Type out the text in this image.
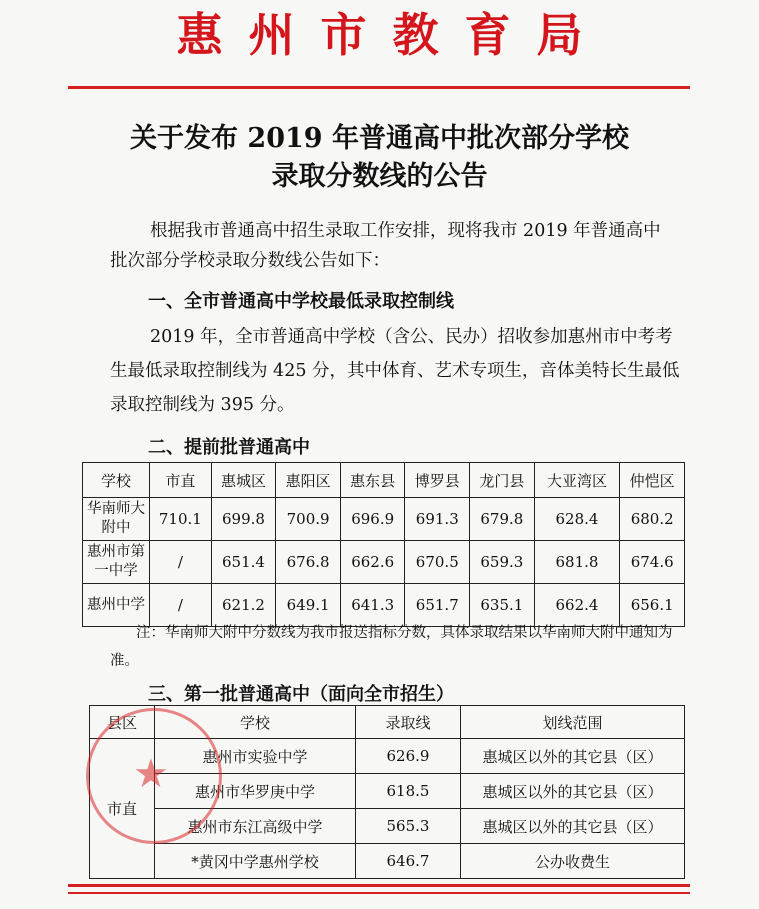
惠州市教育局
关于发布 2019 年普通高中批次部分学校
录取分数线的公告
根据我市普通高中招生录取工作安排，现将我市 2019 年普通高中批次部分学校录取分数线公告如下：
一、全市普通高中学校最低录取控制线
2019 年，全市普通高中学校（含公、民办）招收参加惠州市中考考生最低录取控制线为 425 分，其中体育、艺术专项生，音体美特长生最低录取控制线为 395 分。
二、提前批普通高中
学校	市直	惠城区	惠阳区	惠东县	博罗县	龙门县	大亚湾区	仲恺区
华南师大附中	710.1	699.8	700.9	696.9	691.3	679.8	628.4	680.2
惠州市第一中学	/	651.4	676.8	662.6	670.5	659.3	681.8	674.6
惠州中学	/	621.2	649.1	641.3	651.7	635.1	662.4	656.1
注：华南师大附中分数线为我市报送指标分数，具体录取结果以华南师大附中通知为准。
三、第一批普通高中（面向全市招生）
县区	学校	录取线	划线范围
市直	惠州市实验中学	626.9	惠城区以外的其它县（区）
	惠州市华罗庚中学	618.5	惠城区以外的其它县（区）
	惠州市东江高级中学	565.3	惠城区以外的其它县（区）
	*黄冈中学惠州学校	646.7	公办收费生
★
